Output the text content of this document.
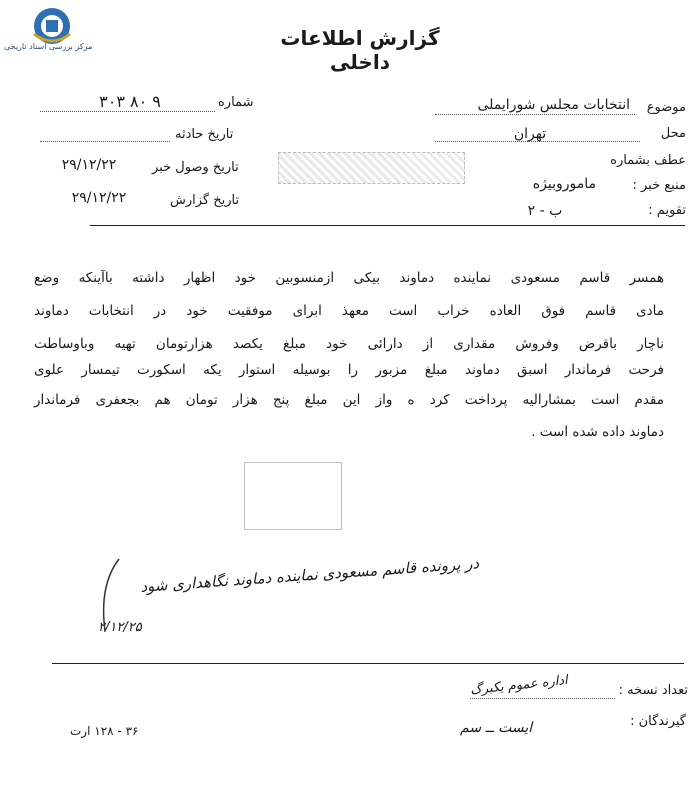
مرکز بررسی اسناد تاریخی	گزارش اطلاعات داخلی
موضوع
انتخابات مجلس شورایملی
محل
تهران
عطف بشماره
منبع خبر :
ماموروبیژه
تقویم :
ب - ۲
شماره
۳۰۳ ۸۰ ۹
تاریخ حادثه
تاریخ وصول خبر
۲۹/۱۲/۲۲
تاریخ گزارش
۲۹/۱۲/۲۲
همسر قاسم مسعودی نماینده دماوند بیکی ازمنسوبین خود اظهار داشته باآینکه وضع
مادی قاسم فوق العاده خراب است معهذ ابرای موفقیت خود در انتخابات دماوند
ناچار باقرض وفروش مقداری از دارائی خود مبلغ یکصد هزارتومان تهیه وباوساطت
فرحت فرماندار اسبق دماوند مبلغ مزبور را بوسیله استوار یکه اسکورت تیمسار علوی
مقدم است بمشارالیه پرداخت کرد ه واز این مبلغ پنج هزار تومان هم بجعفری فرماندار
دماوند داده شده است .
در پرونده قاسم مسعودی نماینده دماوند نگاهداری شود
۲/۱۲/۲۵
تعداد نسخه :
اداره عموم یکبرگ
گیرندگان :
ایست ــ سم
۳۶ - ۱۲۸ ارت
